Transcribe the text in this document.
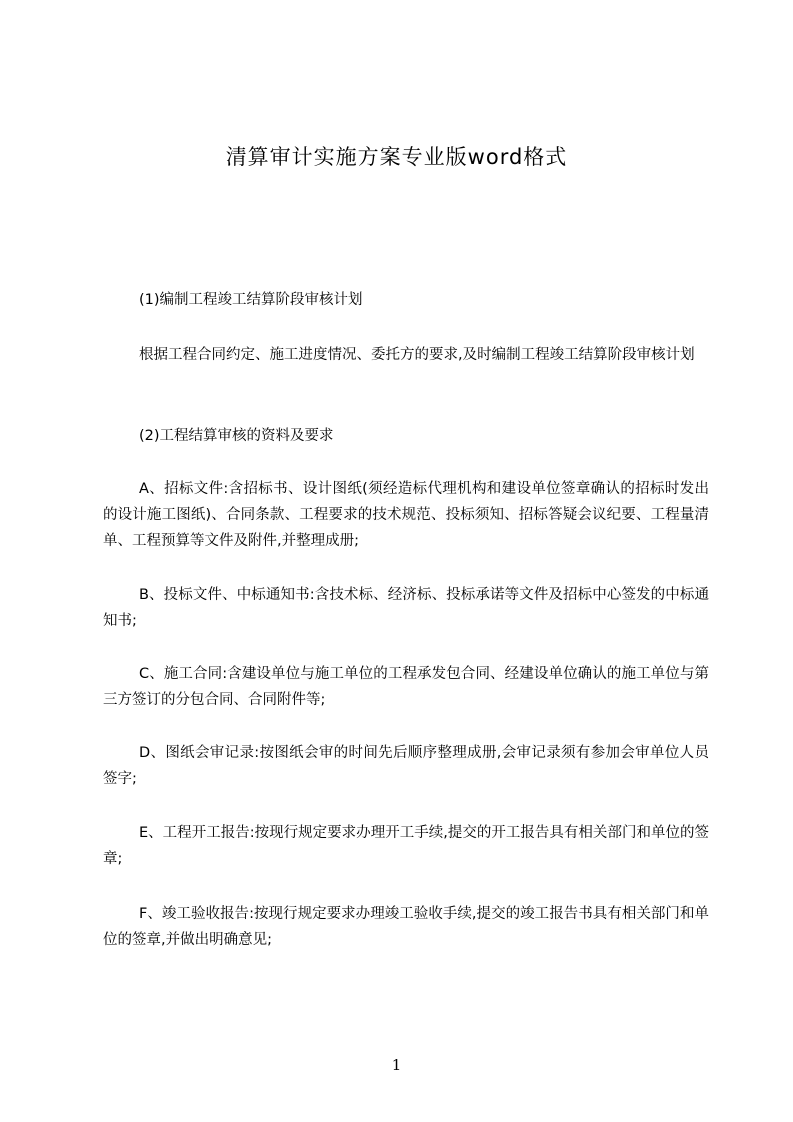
清算审计实施方案专业版word格式

(1)编制工程竣工结算阶段审核计划

根据工程合同约定、施工进度情况、委托方的要求,及时编制工程竣工结算阶段审核计划

(2)工程结算审核的资料及要求

A、招标文件:含招标书、设计图纸(须经造标代理机构和建设单位签章确认的招标时发出的设计施工图纸)、合同条款、工程要求的技术规范、投标须知、招标答疑会议纪要、工程量清单、工程预算等文件及附件,并整理成册;

B、投标文件、中标通知书:含技术标、经济标、投标承诺等文件及招标中心签发的中标通知书;

C、施工合同:含建设单位与施工单位的工程承发包合同、经建设单位确认的施工单位与第三方签订的分包合同、合同附件等;

D、图纸会审记录:按图纸会审的时间先后顺序整理成册,会审记录须有参加会审单位人员签字;

E、工程开工报告:按现行规定要求办理开工手续,提交的开工报告具有相关部门和单位的签章;

F、竣工验收报告:按现行规定要求办理竣工验收手续,提交的竣工报告书具有相关部门和单位的签章,并做出明确意见;

1
